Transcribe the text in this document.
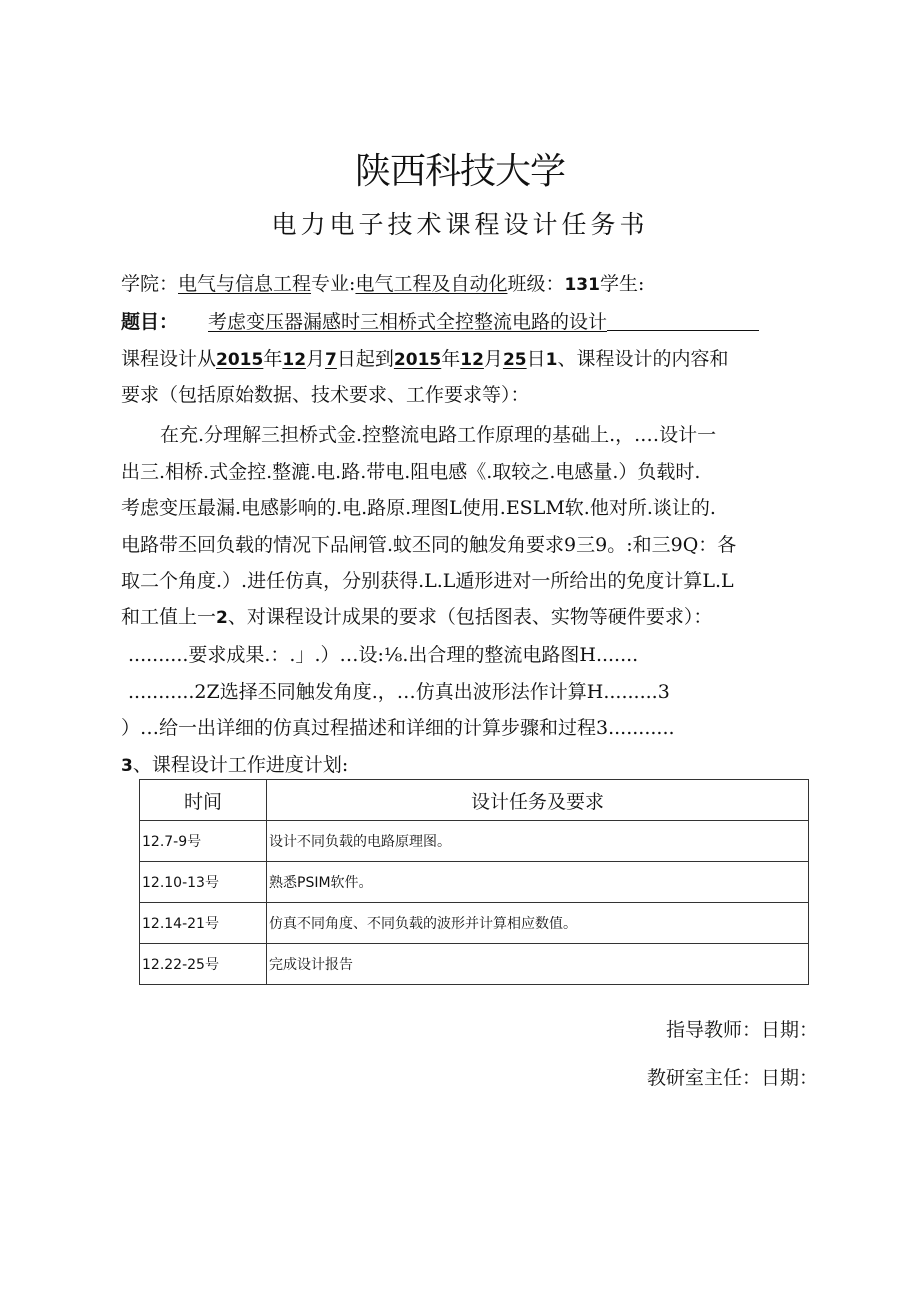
陕西科技大学
电力电子技术课程设计任务书
学院：电气与信息工程专业:电气工程及自动化班级：131学生:
题目： 考虑变压器漏感时三相桥式全控整流电路的设计
课程设计从2015年12月7日起到2015年12月25日1、课程设计的内容和
要求（包括原始数据、技术要求、工作要求等）：
在充.分理解三担桥式金.控整流电路工作原理的基础上.，.…设计一
出三.相桥.式金控.整漉.电.路.带电.阻电感《.取较之.电感量.）负载时.
考虑变压最漏.电感影响的.电.路原.理图L使用.ESLM软.他对所.谈让的.
电路带丕回负载的情况下品闸管.蚊丕同的触发角要求9三9。:和三9Q：各
取二个角度.）.进任仿真，分别获得.L.L遁形进对一所给出的免度计算L.L
和工值上一2、对课程设计成果的要求（包括图表、实物等硬件要求）：
..........要求成果.：.」.）…设:⅛.出合理的整流电路图H.......
...........2Z选择丕同触发角度.，…仿真出波形法作计算H.........3
）…给一出详细的仿真过程描述和详细的计算步骤和过程3...........
3、课程设计工作进度计划:
时间	设计任务及要求
12.7-9号	设计不同负载的电路原理图。
12.10-13号	熟悉PSIM软件。
12.14-21号	仿真不同角度、不同负载的波形并计算相应数值。
12.22-25号	完成设计报告
指导教师：日期：
教研室主任：日期：
